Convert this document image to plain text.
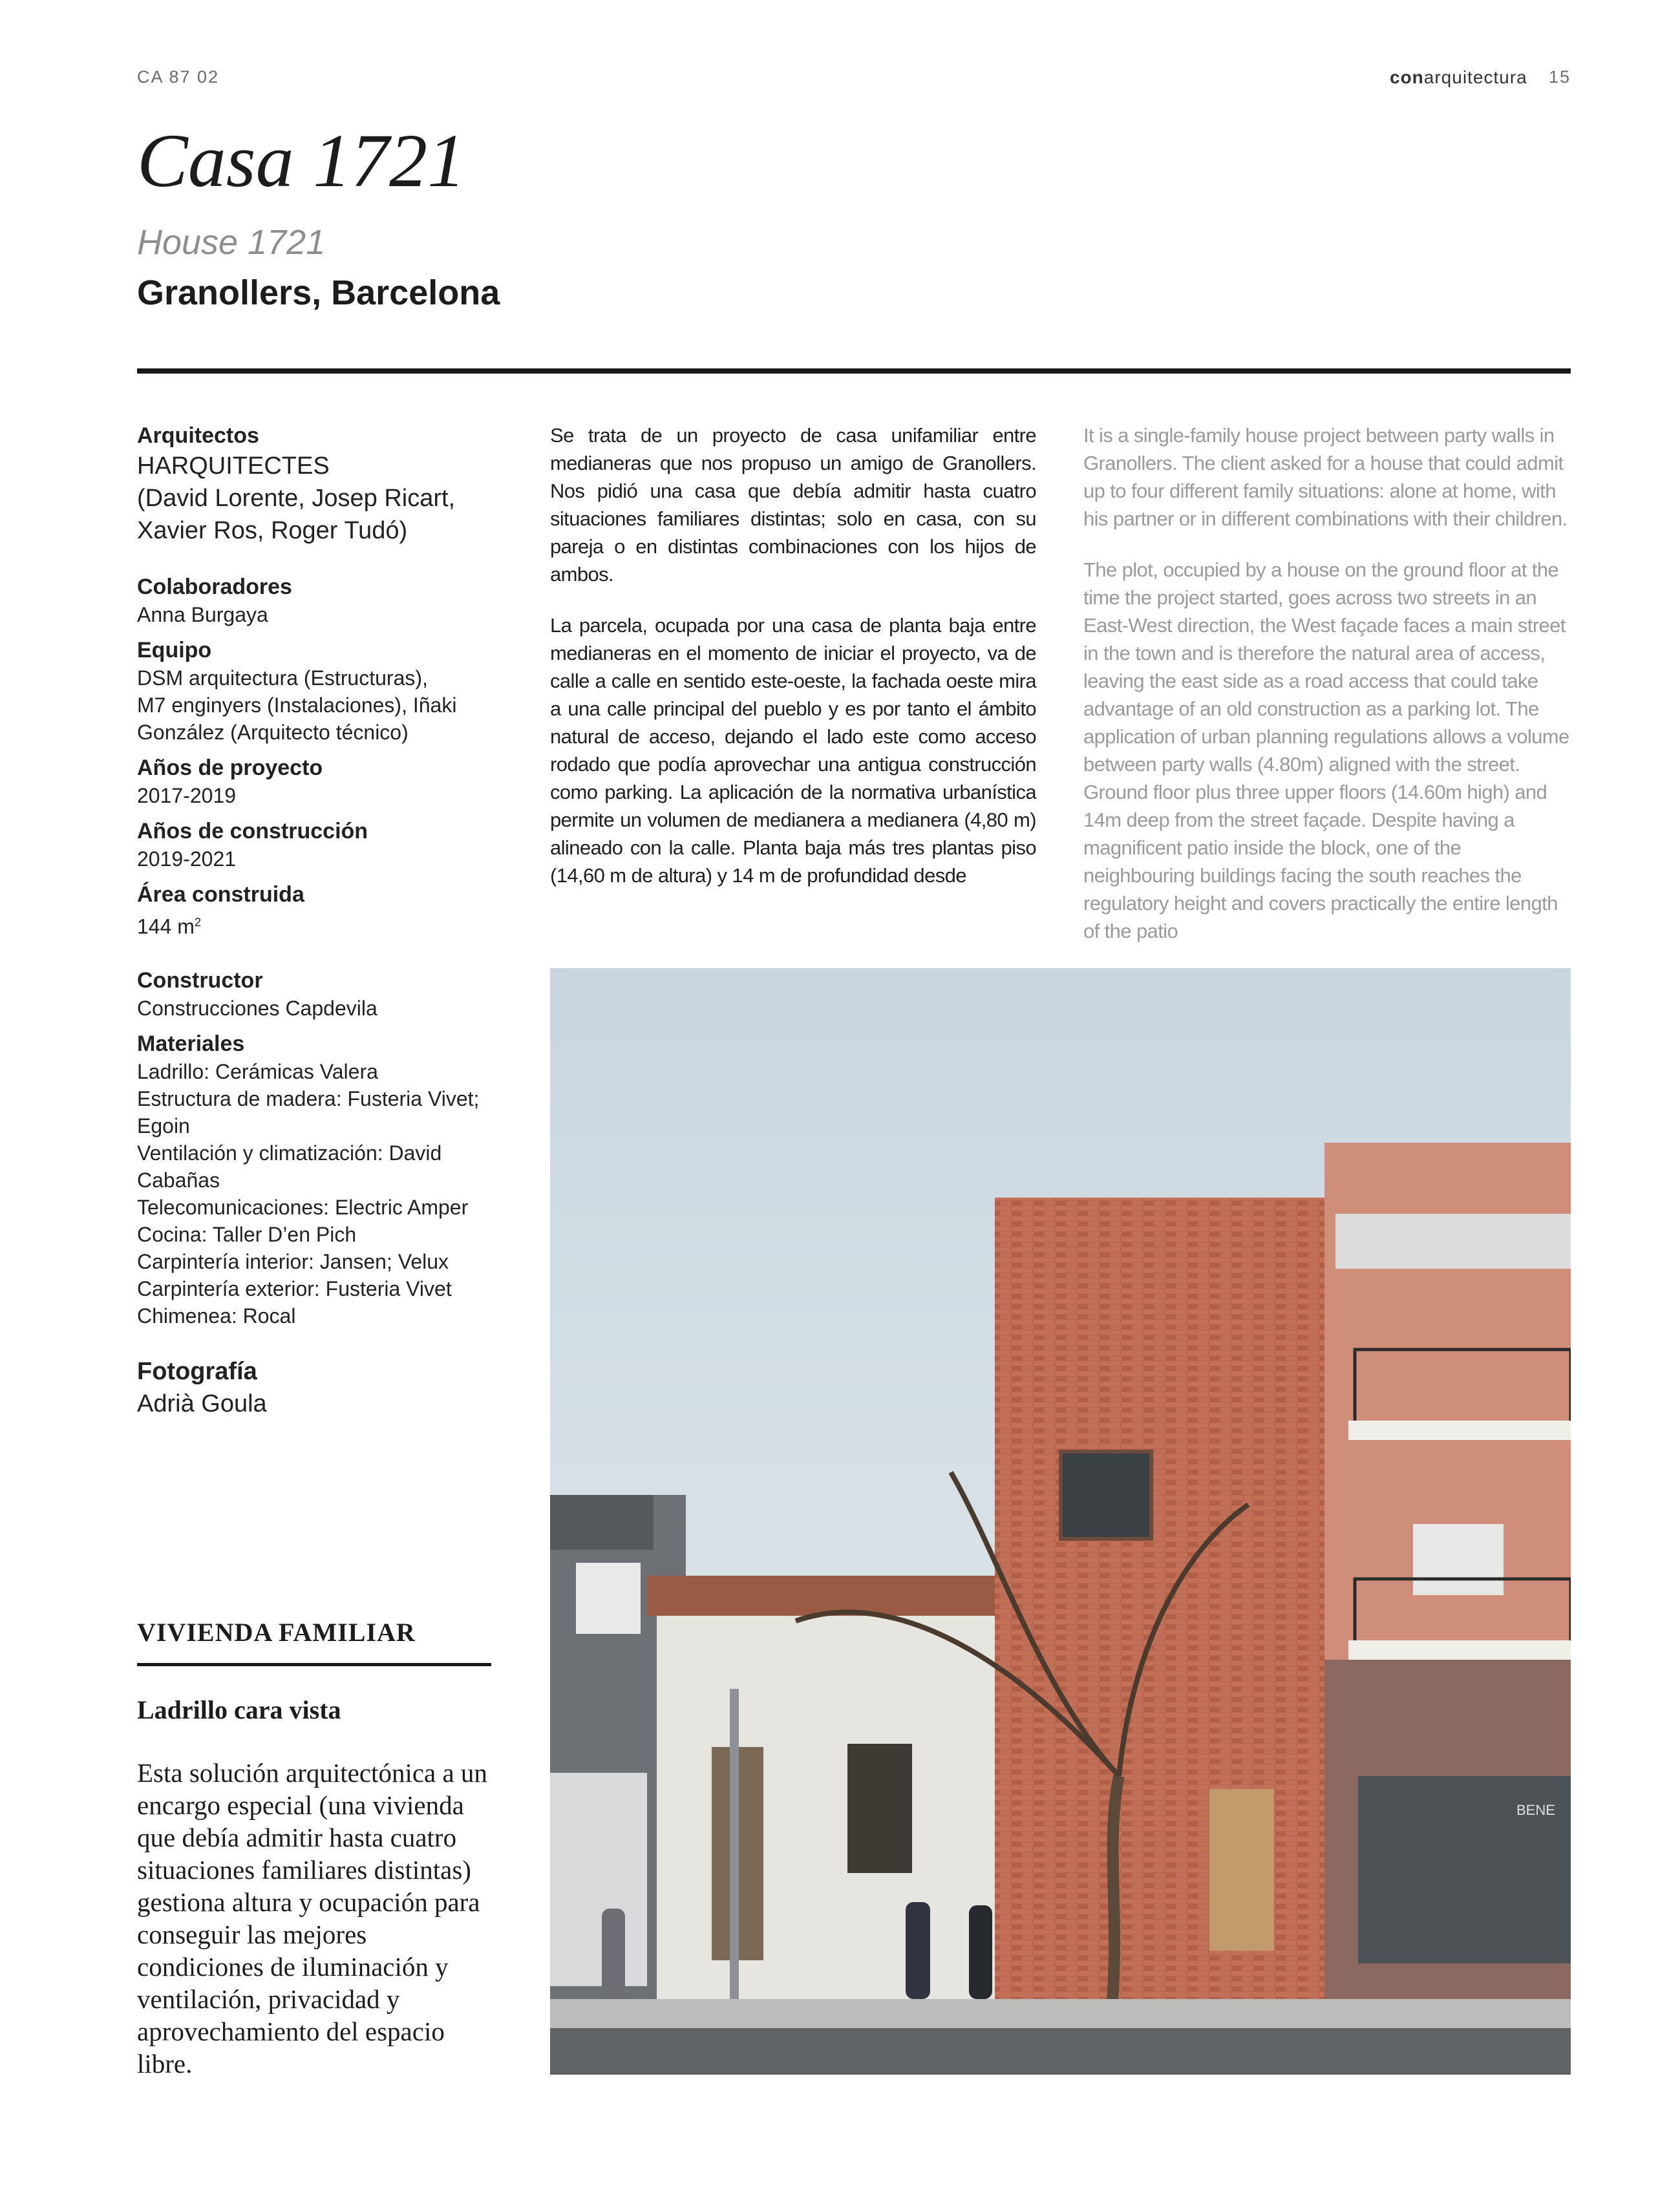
CA 87 02	conarquitectura 15
Casa 1721
House 1721
Granollers, Barcelona

Arquitectos

HARQUITECTES

(David Lorente, Josep Ricart,

Xavier Ros, Roger Tudó)

Colaboradores

Anna Burgaya

Equipo

DSM arquitectura (Estructuras),

M7 enginyers (Instalaciones), Iñaki

González (Arquitecto técnico)

Años de proyecto

2017-2019

Años de construcción

2019-2021

Área construida

144 $m^2$

Constructor

Construcciones Capdevila

Materiales

Ladrillo: Cerámicas Valera

Estructura de madera: Fusteria Vivet;

Egoin

Ventilación y climatización: David

Cabañas

Telecomunicaciones: Electric Amper

Cocina: Taller D’en Pich

Carpintería interior: Jansen; Velux

Carpintería exterior: Fusteria Vivet

Chimenea: Rocal

Fotografía

Adrià Goula

Se trata de un proyecto de casa unifamiliar entre medianeras que nos propuso un amigo de Granollers. Nos pidió una casa que debía admitir hasta cuatro situaciones familiares distintas; solo en casa, con su pareja o en distintas combinaciones con los hijos de ambos.

La parcela, ocupada por una casa de planta baja entre medianeras en el momento de iniciar el proyecto, va de calle a calle en sentido este-oeste, la fachada oeste mira a una calle principal del pueblo y es por tanto el ámbito natural de acceso, dejando el lado este como acceso rodado que podía aprovechar una antigua construcción como parking. La aplicación de la normativa urbanística permite un volumen de medianera a medianera (4,80 m) alineado con la calle. Planta baja más tres plantas piso (14,60 m de altura) y 14 m de profundidad desde

It is a single-family house project between party walls in Granollers. The client asked for a house that could admit up to four different family situations: alone at home, with his partner or in different combinations with their children.

The plot, occupied by a house on the ground floor at the time the project started, goes across two streets in an East-West direction, the West façade faces a main street in the town and is therefore the natural area of access, leaving the east side as a road access that could take advantage of an old construction as a parking lot. The application of urban planning regulations allows a volume between party walls (4.80m) aligned with the street. Ground floor plus three upper floors (14.60m high) and 14m deep from the street façade. Despite having a magnificent patio inside the block, one of the neighbouring buildings facing the south reaches the regulatory height and covers practically the entire length of the patio

VIVIENDA FAMILIAR
Ladrillo cara vista
Esta solución arquitectónica a un encargo especial (una vivienda que debía admitir hasta cuatro situaciones familiares distintas) gestiona altura y ocupación para conseguir las mejores condiciones de iluminación y ventilación, privacidad y aprovechamiento del espacio libre.
BENE
